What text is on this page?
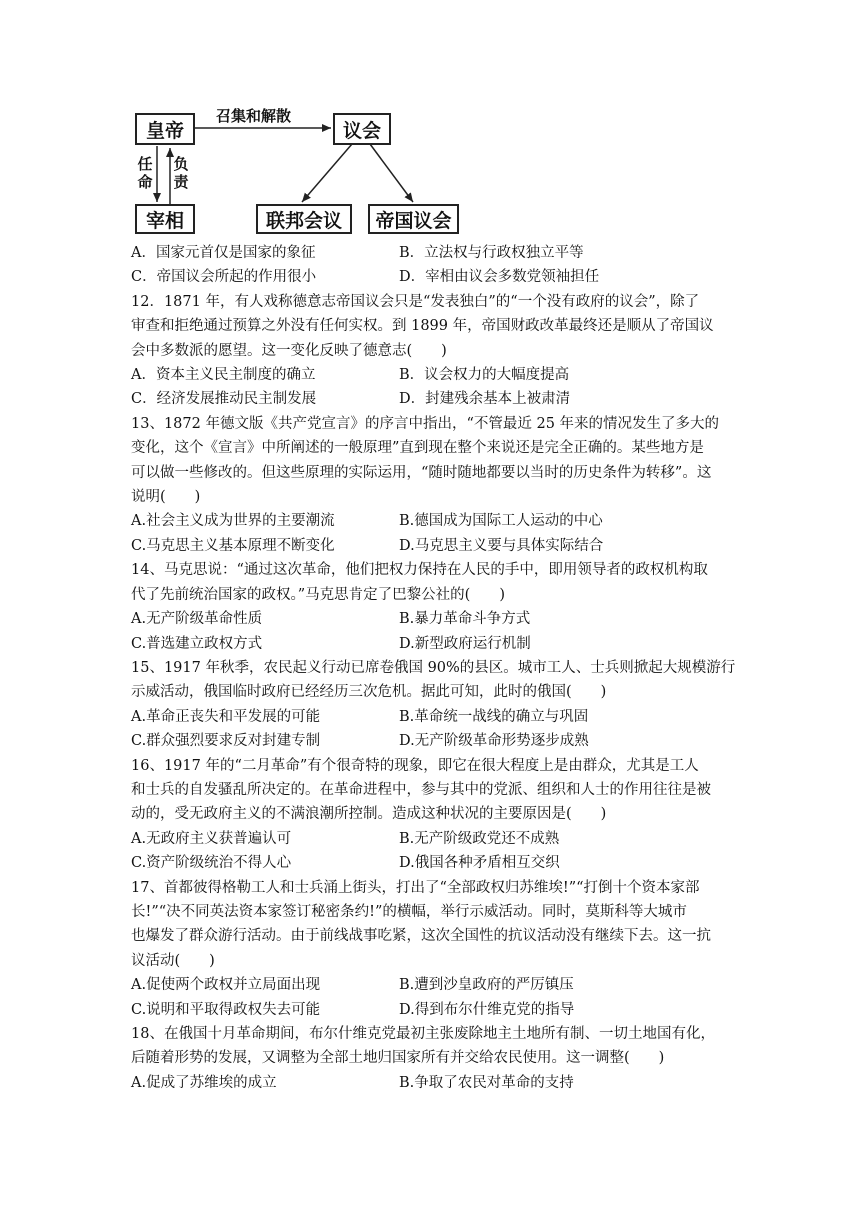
皇帝	议会
宰相	联邦会议	帝国议会
召集和解散
任命
负责
A．国家元首仅是国家的象征	B．立法权与行政权独立平等
C．帝国议会所起的作用很小	D．宰相由议会多数党领袖担任
12．1871 年，有人戏称德意志帝国议会只是“发表独白”的“一个没有政府的议会”，除了
审查和拒绝通过预算之外没有任何实权。到 1899 年，帝国财政改革最终还是顺从了帝国议
会中多数派的愿望。这一变化反映了德意志(　　)
A．资本主义民主制度的确立	B．议会权力的大幅度提高
C．经济发展推动民主制发展	D．封建残余基本上被肃清
13、1872 年德文版《共产党宣言》的序言中指出，“不管最近 25 年来的情况发生了多大的
变化，这个《宣言》中所阐述的一般原理”直到现在整个来说还是完全正确的。某些地方是
可以做一些修改的。但这些原理的实际运用，“随时随地都要以当时的历史条件为转移”。这
说明(　　)
A.社会主义成为世界的主要潮流	B.德国成为国际工人运动的中心
C.马克思主义基本原理不断变化	D.马克思主义要与具体实际结合
14、马克思说：“通过这次革命，他们把权力保持在人民的手中，即用领导者的政权机构取
代了先前统治国家的政权。”马克思肯定了巴黎公社的(　　)
A.无产阶级革命性质	B.暴力革命斗争方式
C.普选建立政权方式	D.新型政府运行机制
15、1917 年秋季，农民起义行动已席卷俄国 90%的县区。城市工人、士兵则掀起大规模游行
示威活动，俄国临时政府已经经历三次危机。据此可知，此时的俄国(　　)
A.革命正丧失和平发展的可能	B.革命统一战线的确立与巩固
C.群众强烈要求反对封建专制	D.无产阶级革命形势逐步成熟
16、1917 年的“二月革命”有个很奇特的现象，即它在很大程度上是由群众，尤其是工人
和士兵的自发骚乱所决定的。在革命进程中，参与其中的党派、组织和人士的作用往往是被
动的，受无政府主义的不满浪潮所控制。造成这种状况的主要原因是(　　)
A.无政府主义获普遍认可	B.无产阶级政党还不成熟
C.资产阶级统治不得人心	D.俄国各种矛盾相互交织
17、首都彼得格勒工人和士兵涌上街头，打出了“全部政权归苏维埃!”“打倒十个资本家部
长!”“决不同英法资本家签订秘密条约!”的横幅，举行示威活动。同时，莫斯科等大城市
也爆发了群众游行活动。由于前线战事吃紧，这次全国性的抗议活动没有继续下去。这一抗
议活动(　　)
A.促使两个政权并立局面出现	B.遭到沙皇政府的严厉镇压
C.说明和平取得政权失去可能	D.得到布尔什维克党的指导
18、在俄国十月革命期间，布尔什维克党最初主张废除地主土地所有制、一切土地国有化，
后随着形势的发展，又调整为全部土地归国家所有并交给农民使用。这一调整(　　)
A.促成了苏维埃的成立	B.争取了农民对革命的支持
